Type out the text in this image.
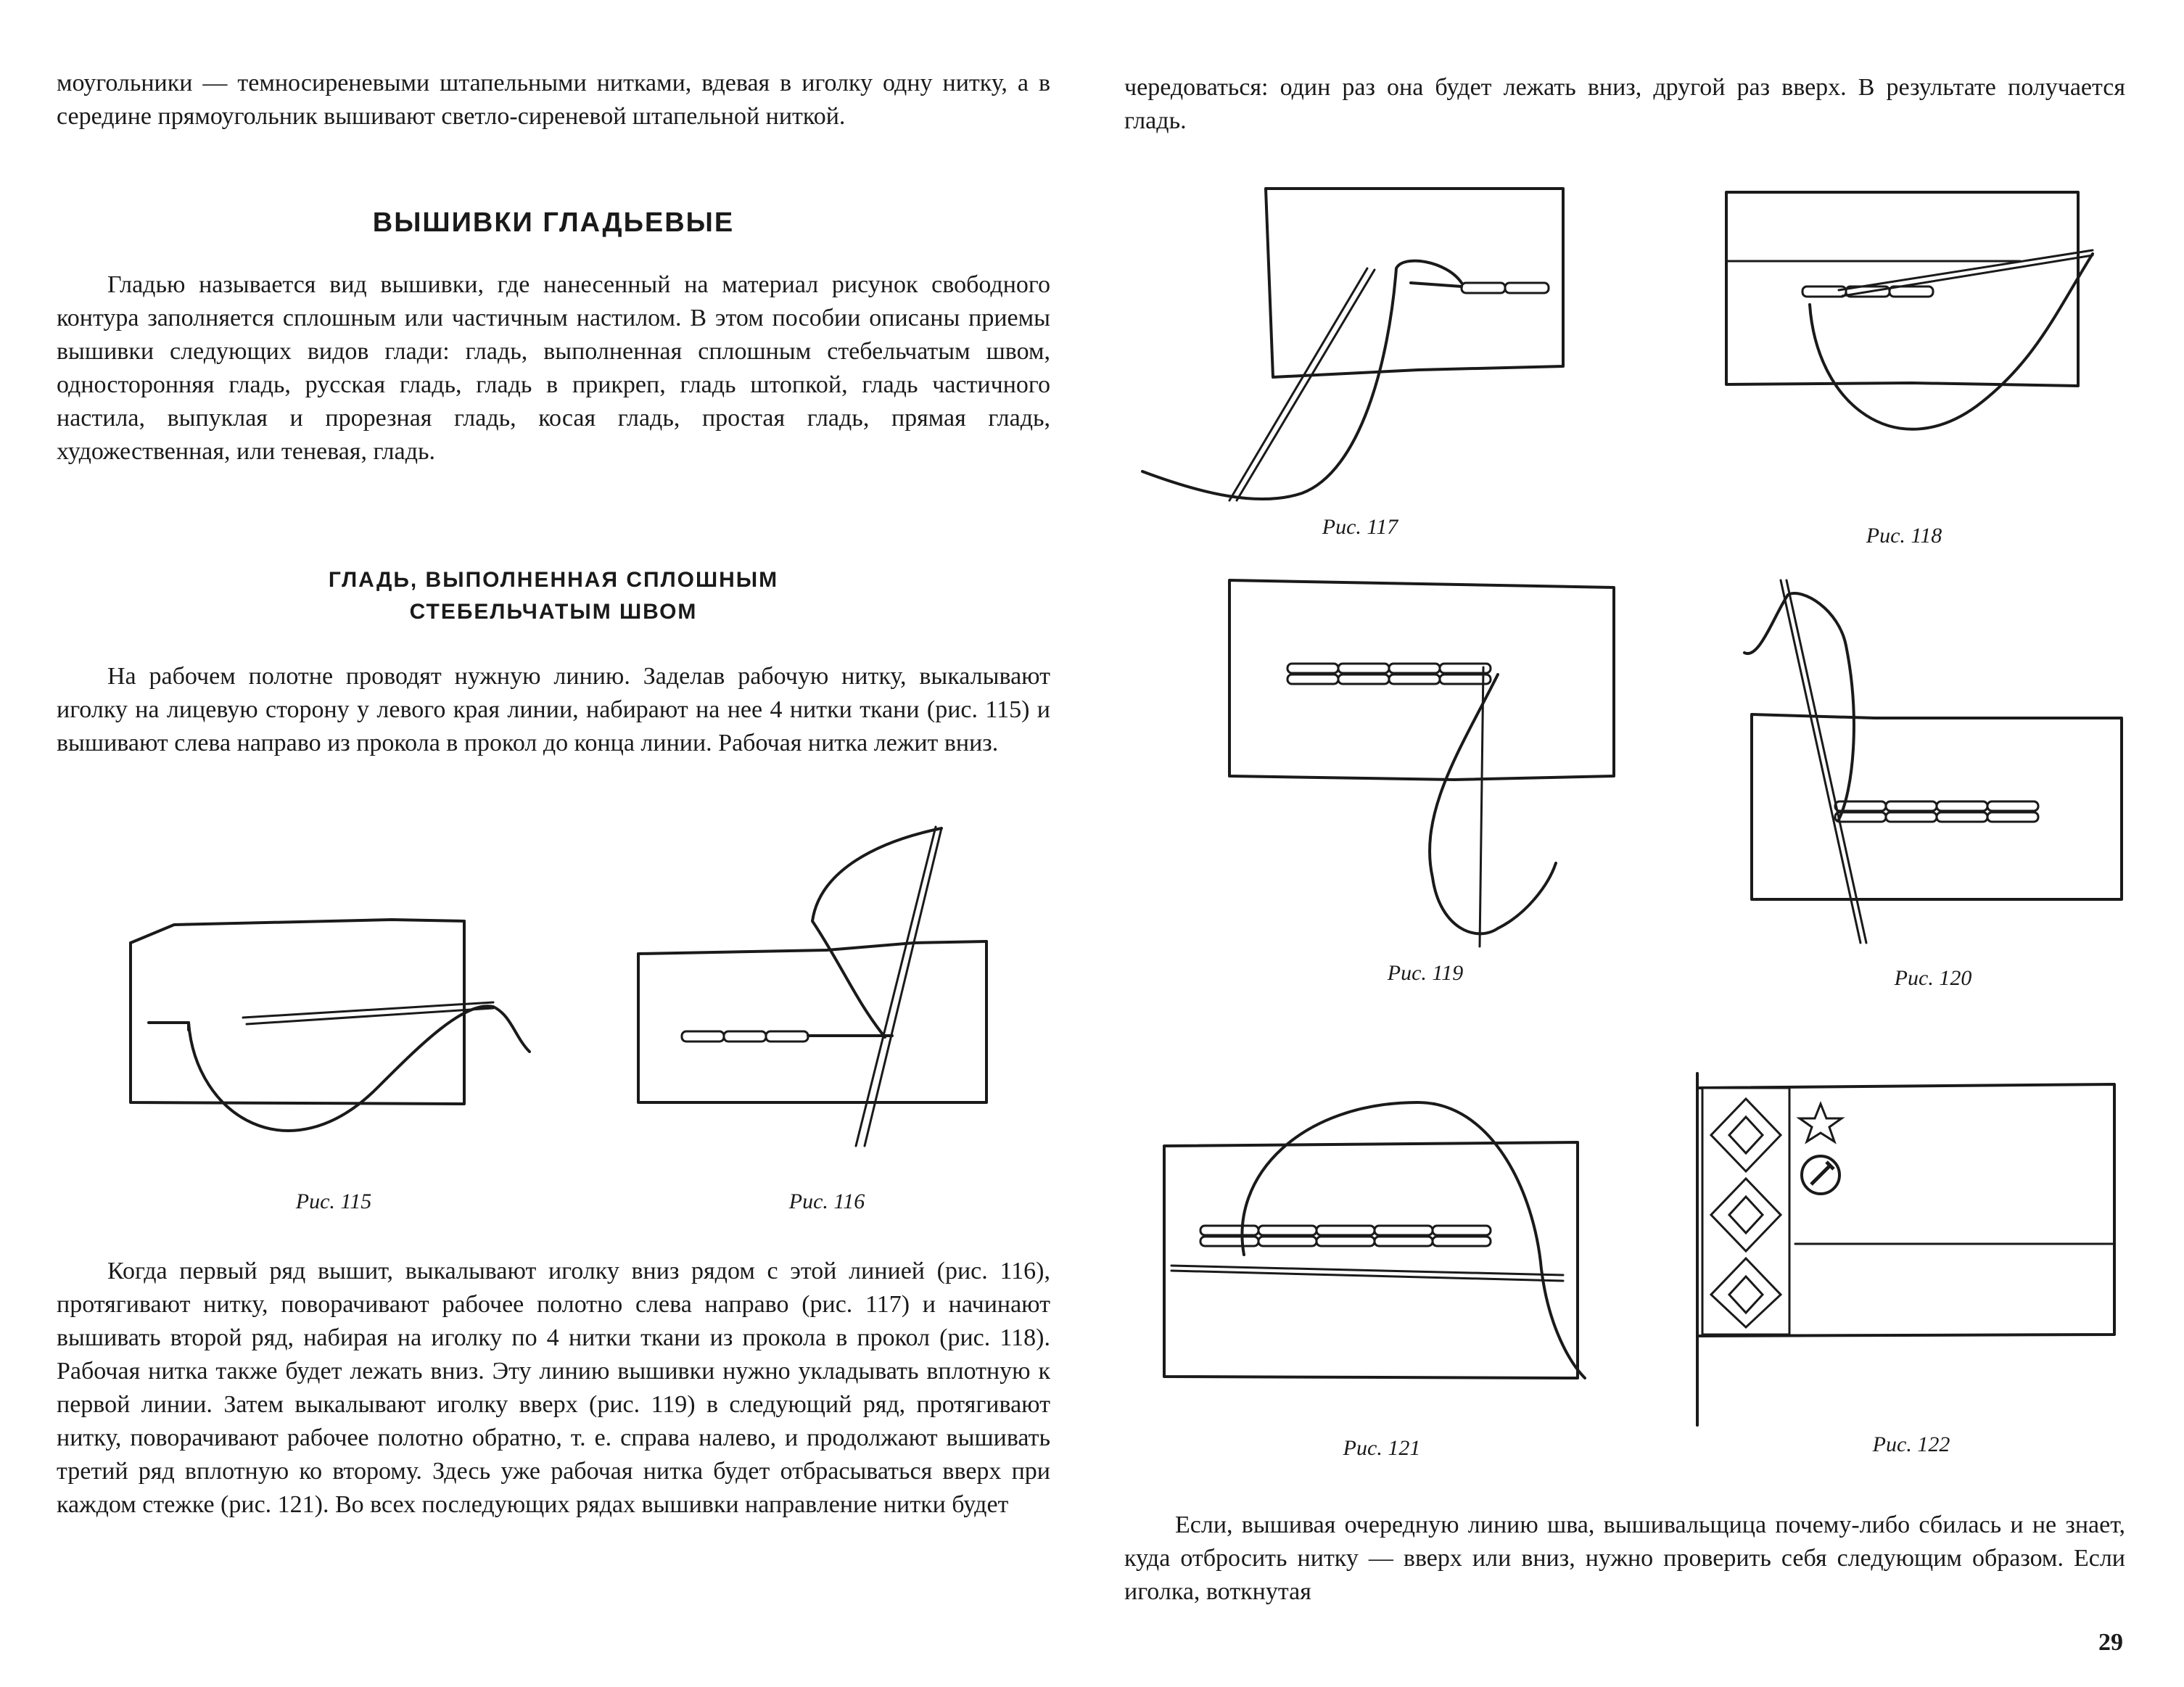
моугольники — темносиреневыми штапельными нитками, вдевая в иголку одну нитку, а в середине прямоугольник вышивают светло-сиреневой штапельной ниткой.

ВЫШИВКИ ГЛАДЬЕВЫЕ

Гладью называется вид вышивки, где нанесенный на материал рисунок свободного контура заполняется сплошным или частичным настилом. В этом пособии описаны приемы вышивки следующих видов глади: гладь, выполненная сплошным стебельчатым швом, односторонняя гладь, русская гладь, гладь в прикреп, гладь штопкой, гладь частичного настила, выпуклая и прорезная гладь, косая гладь, простая гладь, прямая гладь, художественная, или теневая, гладь.

ГЛАДЬ, ВЫПОЛНЕННАЯ СПЛОШНЫМ
СТЕБЕЛЬЧАТЫМ ШВОМ

На рабочем полотне проводят нужную линию. Заделав рабочую нитку, выкалывают иголку на лицевую сторону у левого края линии, набирают на нее 4 нитки ткани (рис. 115) и вышивают слева направо из прокола в прокол до конца линии. Рабочая нитка лежит вниз.

Рис. 115	Рис. 116

Когда первый ряд вышит, выкалывают иголку вниз рядом с этой линией (рис. 116), протягивают нитку, поворачивают рабочее полотно слева направо (рис. 117) и начинают вышивать второй ряд, набирая на иголку по 4 нитки ткани из прокола в прокол (рис. 118). Рабочая нитка также будет лежать вниз. Эту линию вышивки нужно укладывать вплотную к первой линии. Затем выкалывают иголку вверх (рис. 119) в следующий ряд, протягивают нитку, поворачивают рабочее полотно обратно, т. е. справа налево, и продолжают вышивать третий ряд вплотную ко второму. Здесь уже рабочая нитка будет отбрасываться вверх при каждом стежке (рис. 121). Во всех последующих рядах вышивки направление нитки будет

чередоваться: один раз она будет лежать вниз, другой раз вверх. В результате получается гладь.

Рис. 117	Рис. 118
Рис. 119	Рис. 120
Рис. 121	Рис. 122

Если, вышивая очередную линию шва, вышивальщица почему-либо сбилась и не знает, куда отбросить нитку — вверх или вниз, нужно проверить себя следующим образом. Если иголка, воткнутая

29
